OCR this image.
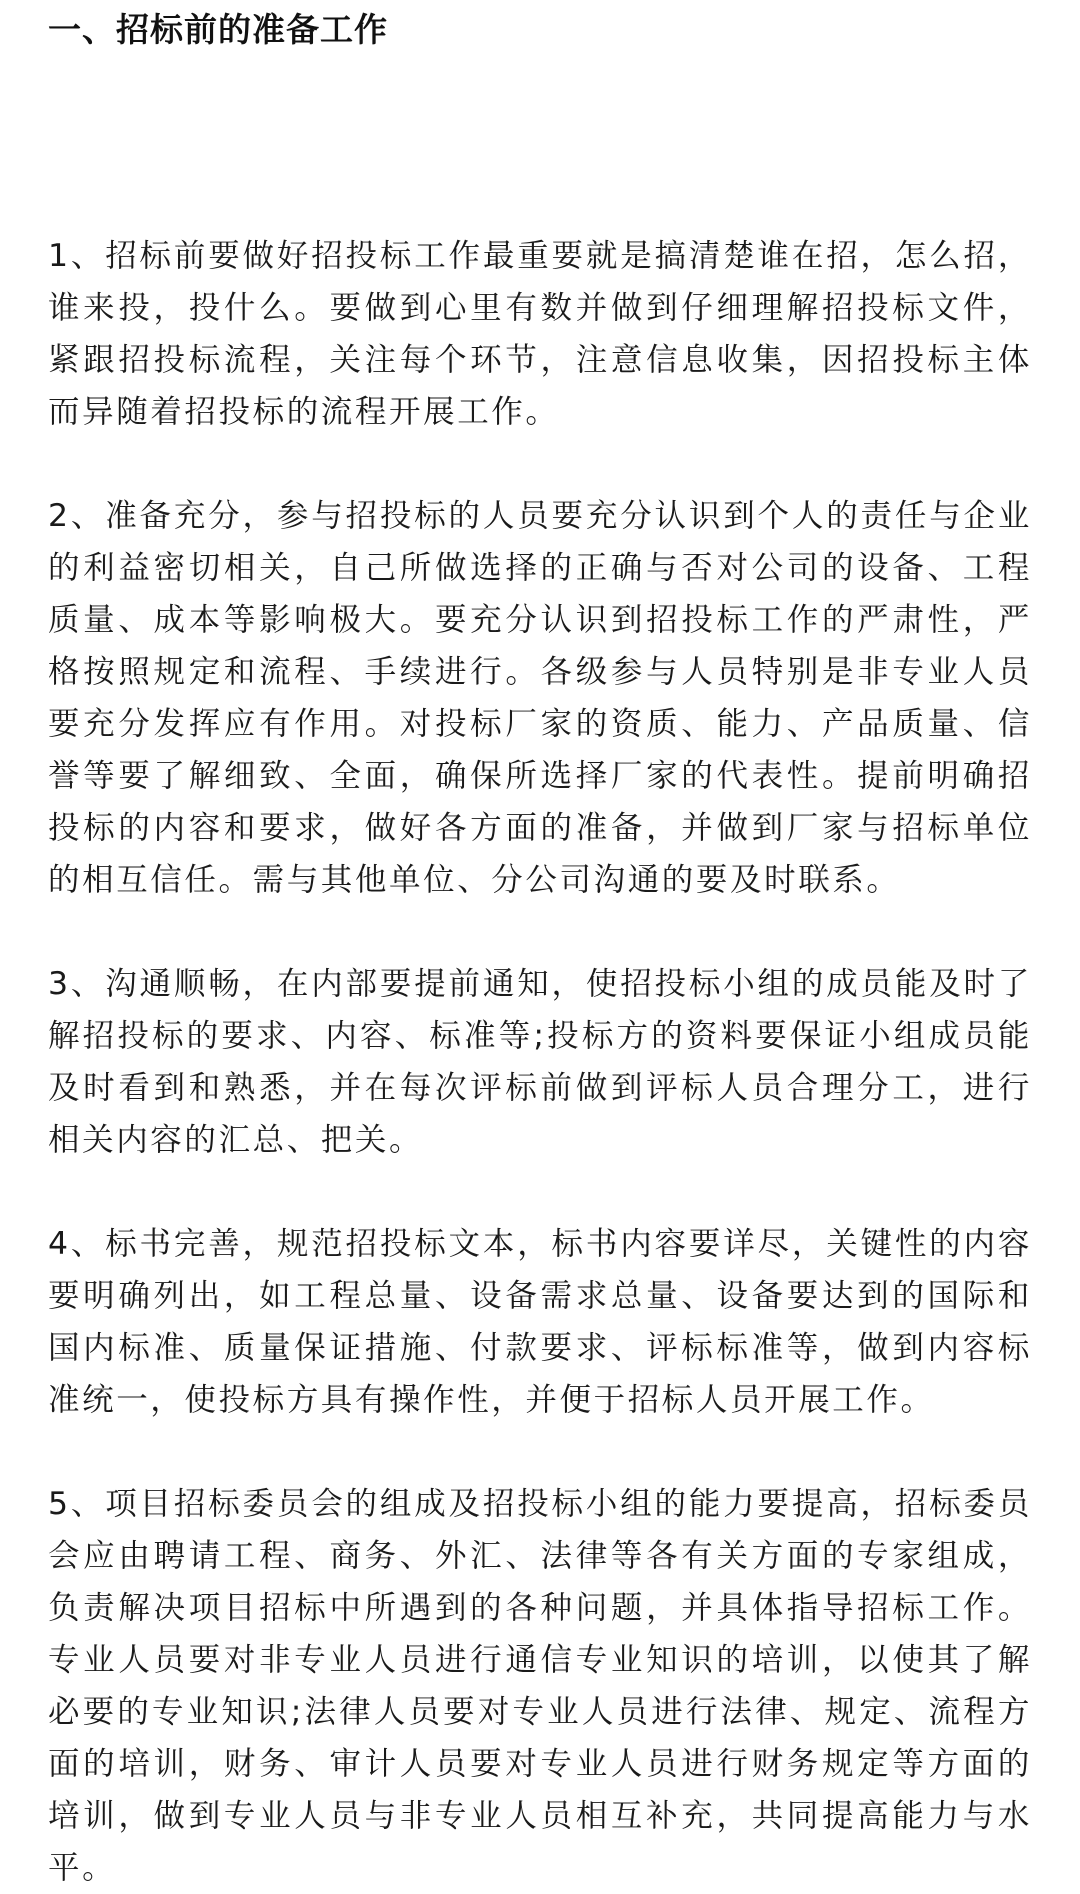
一、招标前的准备工作

1、招标前要做好招投标工作最重要就是搞清楚谁在招，怎么招，谁来投，投什么。要做到心里有数并做到仔细理解招投标文件，紧跟招投标流程，关注每个环节，注意信息收集，因招投标主体而异随着招投标的流程开展工作。

2、准备充分，参与招投标的人员要充分认识到个人的责任与企业的利益密切相关，自己所做选择的正确与否对公司的设备、工程质量、成本等影响极大。要充分认识到招投标工作的严肃性，严格按照规定和流程、手续进行。各级参与人员特别是非专业人员要充分发挥应有作用。对投标厂家的资质、能力、产品质量、信誉等要了解细致、全面，确保所选择厂家的代表性。提前明确招投标的内容和要求，做好各方面的准备，并做到厂家与招标单位的相互信任。需与其他单位、分公司沟通的要及时联系。

3、沟通顺畅，在内部要提前通知，使招投标小组的成员能及时了解招投标的要求、内容、标准等;投标方的资料要保证小组成员能及时看到和熟悉，并在每次评标前做到评标人员合理分工，进行相关内容的汇总、把关。

4、标书完善，规范招投标文本，标书内容要详尽，关键性的内容要明确列出，如工程总量、设备需求总量、设备要达到的国际和国内标准、质量保证措施、付款要求、评标标准等，做到内容标准统一，使投标方具有操作性，并便于招标人员开展工作。

5、项目招标委员会的组成及招投标小组的能力要提高，招标委员会应由聘请工程、商务、外汇、法律等各有关方面的专家组成，负责解决项目招标中所遇到的各种问题，并具体指导招标工作。专业人员要对非专业人员进行通信专业知识的培训，以使其了解必要的专业知识;法律人员要对专业人员进行法律、规定、流程方面的培训，财务、审计人员要对专业人员进行财务规定等方面的培训，做到专业人员与非专业人员相互补充，共同提高能力与水平。
